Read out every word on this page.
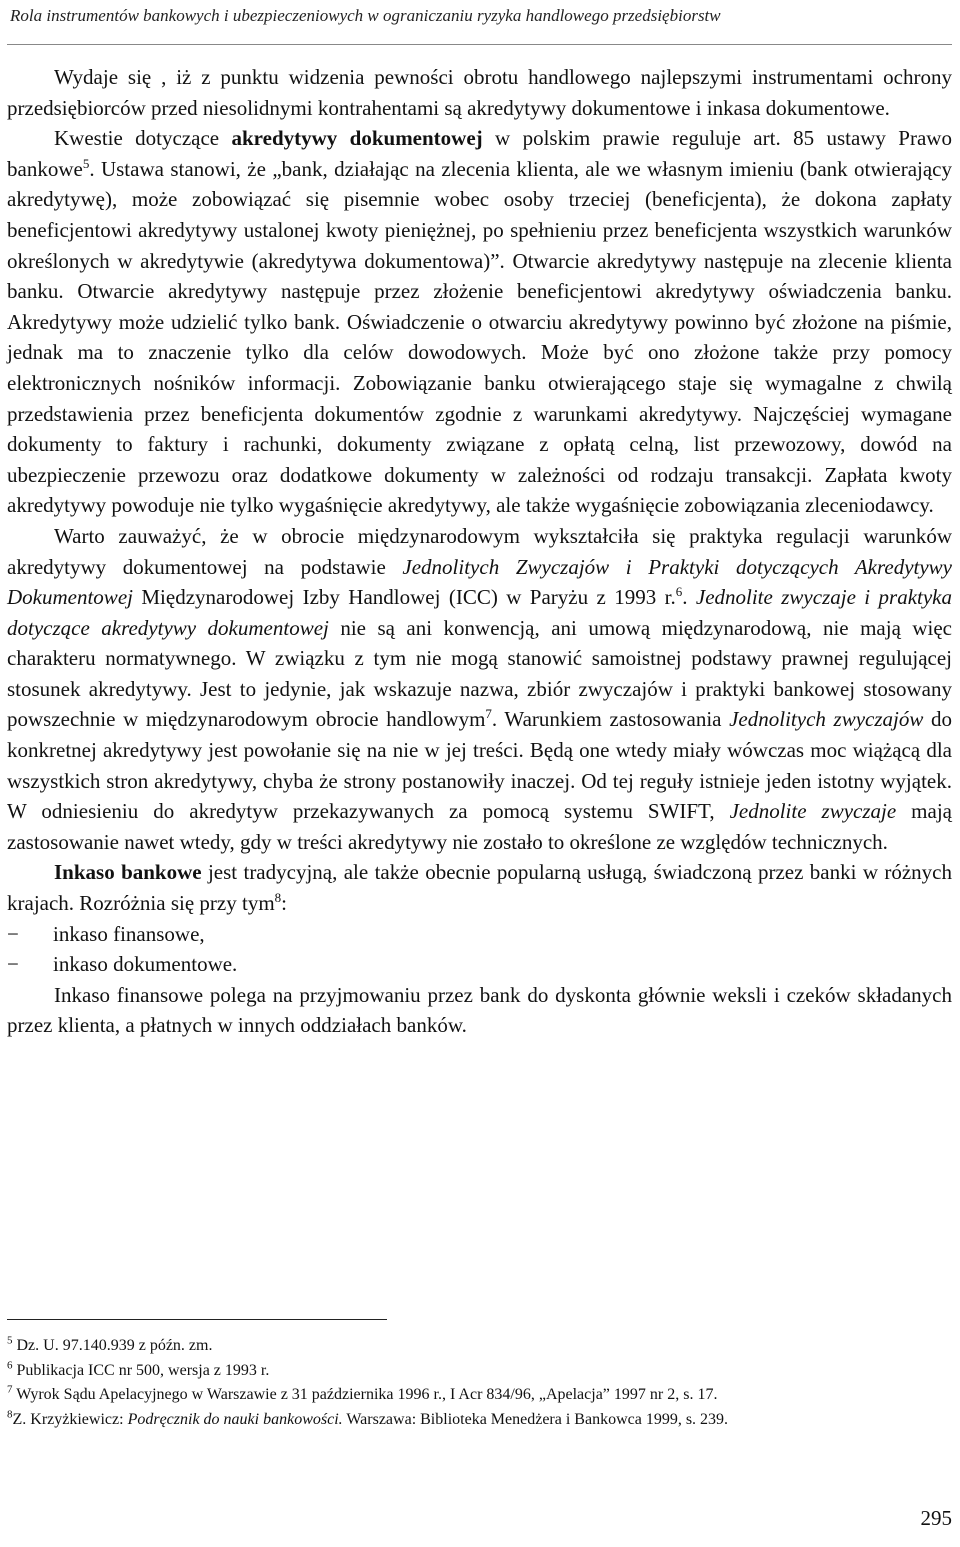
Rola instrumentów bankowych i ubezpieczeniowych w ograniczaniu ryzyka handlowego przedsiębiorstw

Wydaje się , iż z punktu widzenia pewności obrotu handlowego najlepszymi instrumentami ochrony przedsiębiorców przed niesolidnymi kontrahentami są akredytywy dokumentowe i inkasa dokumentowe.

Kwestie dotyczące akredytywy dokumentowej w polskim prawie reguluje art. 85 ustawy Prawo bankowe$^5$. Ustawa stanowi, że „bank, działając na zlecenia klienta, ale we własnym imieniu (bank otwierający akredytywę), może zobowiązać się pisemnie wobec osoby trzeciej (beneficjenta), że dokona zapłaty beneficjentowi akredytywy ustalonej kwoty pieniężnej, po spełnieniu przez beneficjenta wszystkich warunków określonych w akredytywie (akredytywa dokumentowa)”. Otwarcie akredytywy następuje na zlecenie klienta banku. Otwarcie akredytywy następuje przez złożenie beneficjentowi akredytywy oświadczenia banku. Akredytywy może udzielić tylko bank. Oświadczenie o otwarciu akredytywy powinno być złożone na piśmie, jednak ma to znaczenie tylko dla celów dowodowych. Może być ono złożone także przy pomocy elektronicznych nośników informacji. Zobowiązanie banku otwierającego staje się wymagalne z chwilą przedstawienia przez beneficjenta dokumentów zgodnie z warunkami akredytywy. Najczęściej wymagane dokumenty to faktury i rachunki, dokumenty związane z opłatą celną, list przewozowy, dowód na ubezpieczenie przewozu oraz dodatkowe dokumenty w zależności od rodzaju transakcji. Zapłata kwoty akredytywy powoduje nie tylko wygaśnięcie akredytywy, ale także wygaśnięcie zobowiązania zleceniodawcy.

Warto zauważyć, że w obrocie międzynarodowym wykształciła się praktyka regulacji warunków akredytywy dokumentowej na podstawie Jednolitych Zwyczajów i Praktyki dotyczących Akredytywy Dokumentowej Międzynarodowej Izby Handlowej (ICC) w Paryżu z 1993 r.$^6$. Jednolite zwyczaje i praktyka dotyczące akredytywy dokumentowej nie są ani konwencją, ani umową międzynarodową, nie mają więc charakteru normatywnego. W związku z tym nie mogą stanowić samoistnej podstawy prawnej regulującej stosunek akredytywy. Jest to jedynie, jak wskazuje nazwa, zbiór zwyczajów i praktyki bankowej stosowany powszechnie w międzynarodowym obrocie handlowym$^7$. Warunkiem zastosowania Jednolitych zwyczajów do konkretnej akredytywy jest powołanie się na nie w jej treści. Będą one wtedy miały wówczas moc wiążącą dla wszystkich stron akredytywy, chyba że strony postanowiły inaczej. Od tej reguły istnieje jeden istotny wyjątek. W odniesieniu do akredytyw przekazywanych za pomocą systemu SWIFT, Jednolite zwyczaje mają zastosowanie nawet wtedy, gdy w treści akredytywy nie zostało to określone ze względów technicznych.

Inkaso bankowe jest tradycyjną, ale także obecnie popularną usługą, świadczoną przez banki w różnych krajach. Rozróżnia się przy tym$^8$:

−	inkaso finansowe,
−	inkaso dokumentowe.

Inkaso finansowe polega na przyjmowaniu przez bank do dyskonta głównie weksli i czeków składanych przez klienta, a płatnych w innych oddziałach banków.

$^5$ Dz. U. 97.140.939 z późn. zm.

$^6$ Publikacja ICC nr 500, wersja z 1993 r.

$^7$ Wyrok Sądu Apelacyjnego w Warszawie z 31 października 1996 r., I Acr 834/96, „Apelacja” 1997 nr 2, s. 17.

$^8$Z. Krzyżkiewicz: Podręcznik do nauki bankowości. Warszawa: Biblioteka Menedżera i Bankowca 1999, s. 239.

295
